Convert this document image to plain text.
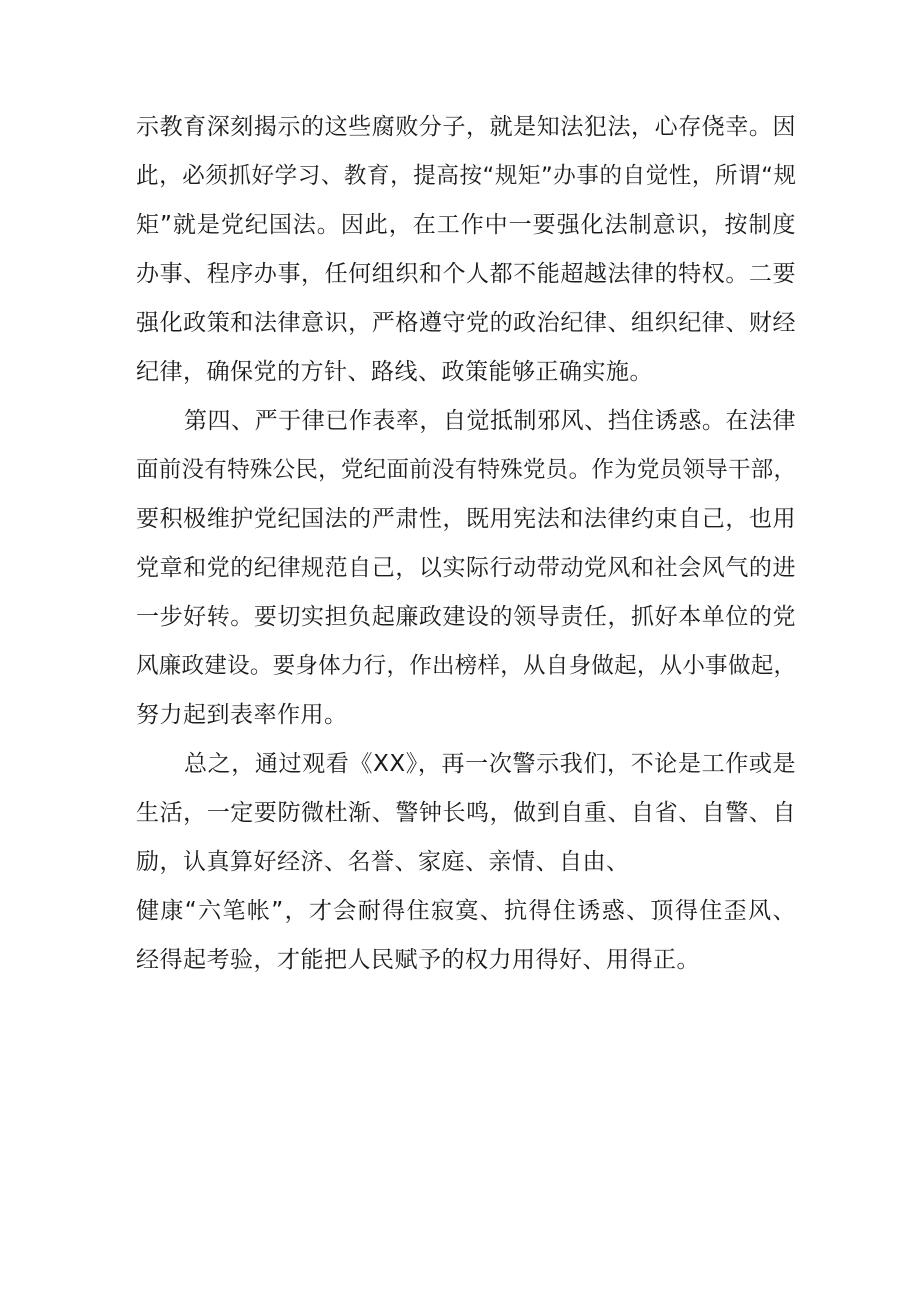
示教育深刻揭示的这些腐败分子，就是知法犯法，心存侥幸。因
此，必须抓好学习、教育，提高按“规矩”办事的自觉性，所谓“规
矩”就是党纪国法。因此，在工作中一要强化法制意识，按制度
办事、程序办事，任何组织和个人都不能超越法律的特权。二要
强化政策和法律意识，严格遵守党的政治纪律、组织纪律、财经
纪律，确保党的方针、路线、政策能够正确实施。
第四、严于律已作表率，自觉抵制邪风、挡住诱惑。在法律
面前没有特殊公民，党纪面前没有特殊党员。作为党员领导干部，
要积极维护党纪国法的严肃性，既用宪法和法律约束自己，也用
党章和党的纪律规范自己，以实际行动带动党风和社会风气的进
一步好转。要切实担负起廉政建设的领导责任，抓好本单位的党
风廉政建设。要身体力行，作出榜样，从自身做起，从小事做起，
努力起到表率作用。
总之，通过观看《XX》，再一次警示我们，不论是工作或是
生活，一定要防微杜渐、警钟长鸣，做到自重、自省、自警、自
励，认真算好经济、名誉、家庭、亲情、自由、
健康“六笔帐”，才会耐得住寂寞、抗得住诱惑、顶得住歪风、
经得起考验，才能把人民赋予的权力用得好、用得正。
